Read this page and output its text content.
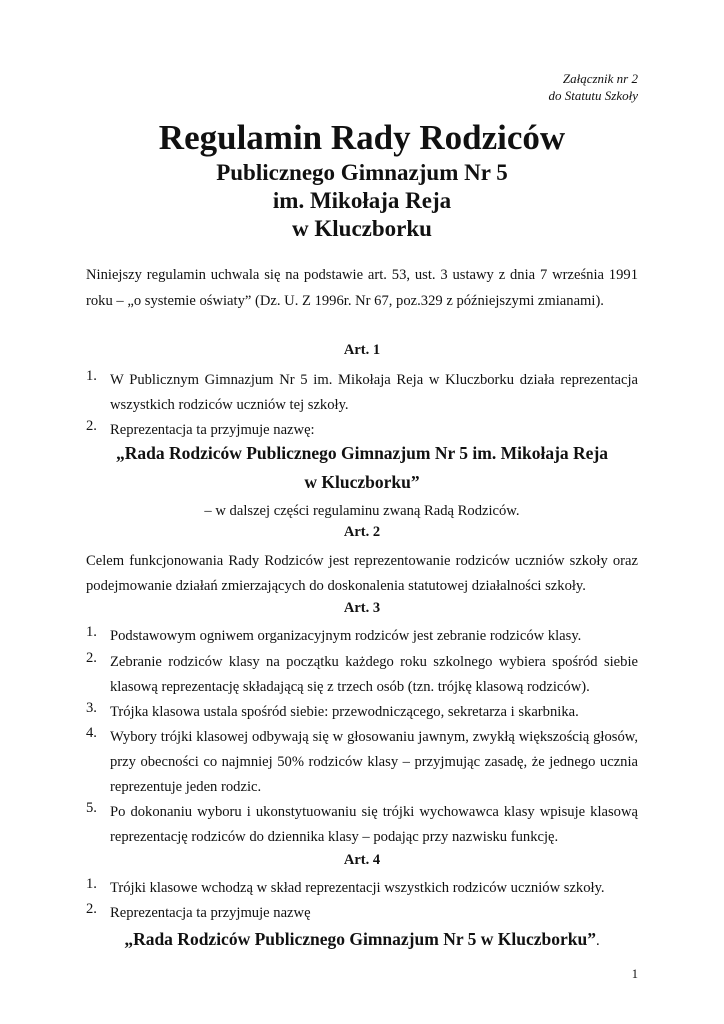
Załącznik nr 2
do Statutu Szkoły
Regulamin Rady Rodziców
Publicznego Gimnazjum Nr 5
im. Mikołaja Reja
w Kluczborku
Niniejszy regulamin uchwala się na podstawie art. 53, ust. 3 ustawy z dnia 7 września 1991
roku – „o systemie oświaty” (Dz. U. Z 1996r. Nr 67, poz.329 z późniejszymi zmianami).
Art. 1
1. W Publicznym Gimnazjum Nr 5 im. Mikołaja Reja w Kluczborku działa reprezentacja
wszystkich rodziców uczniów tej szkoły.
2. Reprezentacja ta przyjmuje nazwę:
„Rada Rodziców Publicznego Gimnazjum Nr 5 im. Mikołaja Reja
w Kluczborku”
– w dalszej części regulaminu zwaną Radą Rodziców.
Art. 2
Celem funkcjonowania Rady Rodziców jest reprezentowanie rodziców uczniów szkoły oraz
podejmowanie działań zmierzających do doskonalenia statutowej działalności szkoły.
Art. 3
1. Podstawowym ogniwem organizacyjnym rodziców jest zebranie rodziców klasy.
2. Zebranie rodziców klasy na początku każdego roku szkolnego wybiera spośród siebie
klasową reprezentację składającą się z trzech osób (tzn. trójkę klasową rodziców).
3. Trójka klasowa ustala spośród siebie: przewodniczącego, sekretarza i skarbnika.
4. Wybory trójki klasowej odbywają się w głosowaniu jawnym, zwykłą większością głosów,
przy obecności co najmniej 50% rodziców klasy – przyjmując zasadę, że jednego ucznia
reprezentuje jeden rodzic.
5. Po dokonaniu wyboru i ukonstytuowaniu się trójki wychowawca klasy wpisuje klasową
reprezentację rodziców do dziennika klasy – podając przy nazwisku funkcję.
Art. 4
1. Trójki klasowe wchodzą w skład reprezentacji wszystkich rodziców uczniów szkoły.
2. Reprezentacja ta przyjmuje nazwę
„Rada Rodziców Publicznego Gimnazjum Nr 5 w Kluczborku”.
1
